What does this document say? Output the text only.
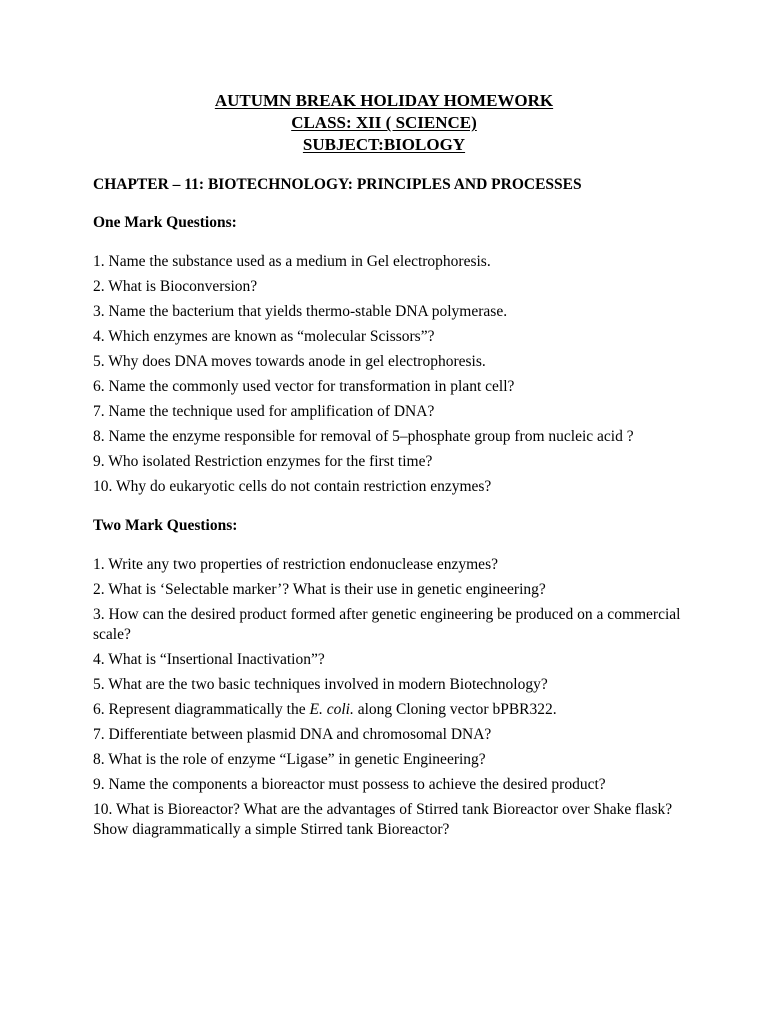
AUTUMN BREAK HOLIDAY HOMEWORK
CLASS: XII ( SCIENCE)
SUBJECT:BIOLOGY
CHAPTER – 11: BIOTECHNOLOGY: PRINCIPLES AND PROCESSES
One Mark Questions:
1. Name the substance used as a medium in Gel electrophoresis.
2. What is Bioconversion?
3. Name the bacterium that yields thermo-stable DNA polymerase.
4. Which enzymes are known as “molecular Scissors”?
5. Why does DNA moves towards anode in gel electrophoresis.
6. Name the commonly used vector for transformation in plant cell?
7. Name the technique used for amplification of DNA?
8. Name the enzyme responsible for removal of 5–phosphate group from nucleic acid ?
9. Who isolated Restriction enzymes for the first time?
10. Why do eukaryotic cells do not contain restriction enzymes?
Two Mark Questions:
1. Write any two properties of restriction endonuclease enzymes?
2. What is ‘Selectable marker’? What is their use in genetic engineering?
3. How can the desired product formed after genetic engineering be produced on a commercial scale?
4. What is “Insertional Inactivation”?
5. What are the two basic techniques involved in modern Biotechnology?
6. Represent diagrammatically the E. coli. along Cloning vector bPBR322.
7. Differentiate between plasmid DNA and chromosomal DNA?
8. What is the role of enzyme “Ligase” in genetic Engineering?
9. Name the components a bioreactor must possess to achieve the desired product?
10. What is Bioreactor? What are the advantages of Stirred tank Bioreactor over Shake flask? Show diagrammatically a simple Stirred tank Bioreactor?
